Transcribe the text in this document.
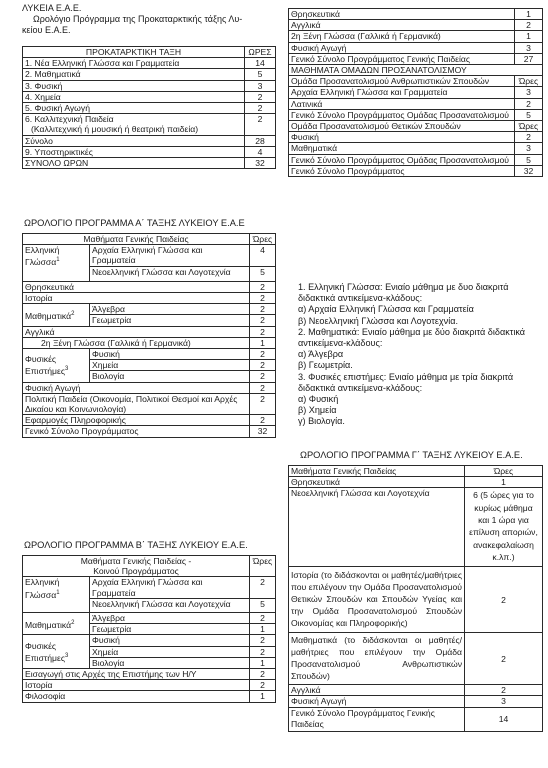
ΛΥΚΕΙΑ Ε.Α.Ε.

Ωρολόγιο Πρόγραμμα της Προκαταρκτικής τάξης Λυ-

κείου Ε.Α.Ε.

ΠΡΟΚΑΤΑΡΚΤΙΚΗ ΤΑΞΗ	ΩΡΕΣ
1. Νέα Ελληνική Γλώσσα και Γραμματεία	14
2. Μαθηματικά	5
3. Φυσική	3
4. Χημεία	2
5. Φυσική Αγωγή	2
6. Καλλιτεχνική Παιδεία
(Καλλιτεχνική ή μουσική ή θεατρική παιδεία)	2
Σύνολο	28
9. Υποστηρικτικές	4
ΣΥΝΟΛΟ ΩΡΩΝ	32

ΩΡΟΛΟΓΙΟ ΠΡΟΓΡΑΜΜΑ Α΄ ΤΑΞΗΣ ΛΥΚΕΙΟΥ Ε.Α.Ε

Μαθήματα Γενικής Παιδείας		Ώρες
Ελληνική Γλώσσα$^1$	Αρχαία Ελληνική Γλώσσα και Γραμματεία	4
	Νεοελληνική Γλώσσα και Λογοτεχνία	5
Θρησκευτικά		2
Ιστορία		2
Μαθηματικά$^2$	Άλγεβρα	2
	Γεωμετρία	2
Αγγλικά		2
2η Ξένη Γλώσσα (Γαλλικά ή Γερμανικά)		1
Φυσικές Επιστήμες$^3$	Φυσική	2
	Χημεία	2
	Βιολογία	2
Φυσική Αγωγή		2
Πολιτική Παιδεία (Οικονομία, Πολιτικοί Θεσμοί και Αρχές Δικαίου και Κοινωνιολογία)		2
Εφαρμογές Πληροφορικής		2
Γενικό Σύνολο Προγράμματος		32

ΩΡΟΛΟΓΙΟ ΠΡΟΓΡΑΜΜΑ Β΄ ΤΑΞΗΣ ΛΥΚΕΙΟΥ Ε.Α.Ε.

Μαθήματα Γενικής Παιδείας -
Κοινού Προγράμματος		Ώρες
Ελληνική Γλώσσα$^1$	Αρχαία Ελληνική Γλώσσα και Γραμματεία	2
	Νεοελληνική Γλώσσα και Λογοτεχνία	5
Μαθηματικά$^2$	Άλγεβρα	2
	Γεωμετρία	1
Φυσικές Επιστήμες$^3$	Φυσική	2
	Χημεία	2
	Βιολογία	1
Εισαγωγή στις Αρχές της Επιστήμης των Η/Υ		2
Ιστορία		2
Φιλοσοφία		1
Θρησκευτικά	1
Αγγλικά	2
2η Ξένη Γλώσσα (Γαλλικά ή Γερμανικά)	1
Φυσική Αγωγή	3
Γενικό Σύνολο Προγράμματος Γενικής Παιδείας	27
ΜΑΘΗΜΑΤΑ ΟΜΑΔΩΝ ΠΡΟΣΑΝΑΤΟΛΙΣΜΟΥ	
Ομάδα Προσανατολισμού Ανθρωπιστικών Σπουδών	Ώρες
Αρχαία Ελληνική Γλώσσα και Γραμματεία	3
Λατινικά	2
Γενικό Σύνολο Προγράμματος Ομάδας Προσανατολισμού	5
Ομάδα Προσανατολισμού Θετικών Σπουδών	Ώρες
Φυσική	2
Μαθηματικά	3
Γενικό Σύνολο Προγράμματος Ομάδας Προσανατολισμού	5
Γενικό Σύνολο Προγράμματος	32

1. Ελληνική Γλώσσα: Ενιαίο μάθημα με δυο διακριτά διδακτικά αντικείμενα-κλάδους:

α) Αρχαία Ελληνική Γλώσσα και Γραμματεία

β) Νεοελληνική Γλώσσα και Λογοτεχνία.

2. Μαθηματικά: Ενιαίο μάθημα με δύο διακριτά διδακτικά αντικείμενα-κλάδους:

α) Άλγεβρα

β) Γεωμετρία.

3. Φυσικές επιστήμες: Ενιαίο μάθημα με τρία διακριτά διδακτικά αντικείμενα-κλάδους:

α) Φυσική

β) Χημεία

γ) Βιολογία.

ΩΡΟΛΟΓΙΟ ΠΡΟΓΡΑΜΜΑ Γ΄ ΤΑΞΗΣ ΛΥΚΕΙΟΥ Ε.Α.Ε.

Μαθήματα Γενικής Παιδείας	Ώρες
Θρησκευτικά	1
Νεοελληνική Γλώσσα και Λογοτεχνία	6 (5 ώρες για το κυρίως μάθημα και 1 ώρα για επίλυση αποριών, ανακεφαλαίωση κ.λπ.)
Ιστορία (το διδάσκονται οι μαθητές/μαθήτριες που επιλέγουν την Ομάδα Προσανατολισμού Θετικών Σπουδών και Σπουδών Υγείας και την Ομάδα Προσανατολισμού Σπουδών Οικονομίας και Πληροφορικής)	2
Μαθηματικά (το διδάσκονται οι μαθητές/μαθήτριες που επιλέγουν την Ομάδα Προσανατολισμού Ανθρωπιστικών Σπουδών)	2
Αγγλικά	2
Φυσική Αγωγή	3
Γενικό Σύνολο Προγράμματος Γενικής Παιδείας	14
